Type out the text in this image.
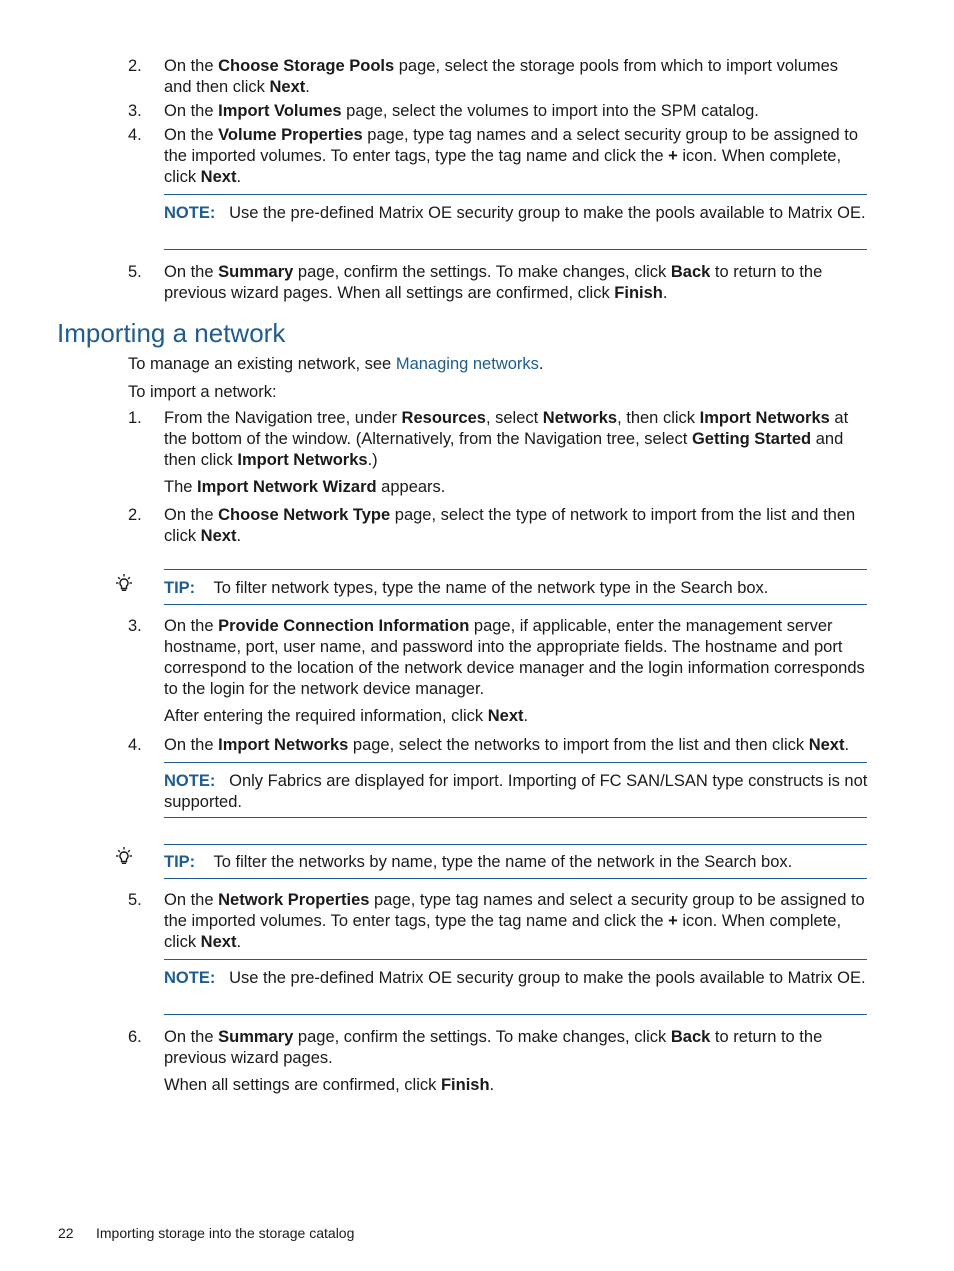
2.	On the Choose Storage Pools page, select the storage pools from which to import volumes and then click Next.
3.	On the Import Volumes page, select the volumes to import into the SPM catalog.
4.	On the Volume Properties page, type tag names and a select security group to be assigned to the imported volumes. To enter tags, type the tag name and click the + icon. When complete, click Next.
NOTE: Use the pre-defined Matrix OE security group to make the pools available to Matrix OE.
5.	On the Summary page, confirm the settings. To make changes, click Back to return to the previous wizard pages. When all settings are confirmed, click Finish.
Importing a network
To manage an existing network, see Managing networks.
To import a network:
1.	From the Navigation tree, under Resources, select Networks, then click Import Networks at the bottom of the window. (Alternatively, from the Navigation tree, select Getting Started and then click Import Networks.)
The Import Network Wizard appears.
2.	On the Choose Network Type page, select the type of network to import from the list and then click Next.
TIP: To filter network types, type the name of the network type in the Search box.
3.	On the Provide Connection Information page, if applicable, enter the management server hostname, port, user name, and password into the appropriate fields. The hostname and port correspond to the location of the network device manager and the login information corresponds to the login for the network device manager.
After entering the required information, click Next.
4.	On the Import Networks page, select the networks to import from the list and then click Next.
NOTE: Only Fabrics are displayed for import. Importing of FC SAN/LSAN type constructs is not supported.
TIP: To filter the networks by name, type the name of the network in the Search box.
5.	On the Network Properties page, type tag names and select a security group to be assigned to the imported volumes. To enter tags, type the tag name and click the + icon. When complete, click Next.
NOTE: Use the pre-defined Matrix OE security group to make the pools available to Matrix OE.
6.	On the Summary page, confirm the settings. To make changes, click Back to return to the previous wizard pages.
When all settings are confirmed, click Finish.
22 Importing storage into the storage catalog
